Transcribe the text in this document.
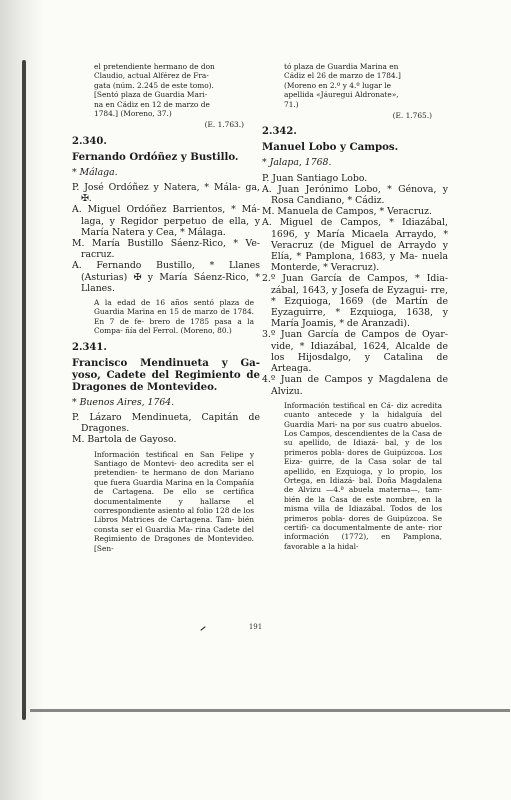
el pretendiente hermano de don

Claudio, actual Alférez de Fra-

gata (núm. 2.245 de este tomo).

[Sentó plaza de Guardia Mari-

na en Cádiz en 12 de marzo de

1784.] (Moreno, 37.)

(E. 1.763.)

2.340.

Fernando Ordóñez y Bustillo.

* Málaga.

P. José Ordóñez y Natera, * Mála- ga, ✠.

A. Miguel Ordóñez Barrientos, * Má- laga, y Regidor perpetuo de ella, y María Natera y Cea, * Málaga.

M. María Bustillo Sáenz-Rico, * Ve- racruz.

A. Fernando Bustillo, * Llanes (Asturias) ✠ y María Sáenz-Rico, * Llanes.

A la edad de 16 años sentó plaza de Guardia Marina en 15 de marzo de 1784. En 7 de fe- brero de 1785 pasa a la Compa- ñía del Ferrol. (Moreno, 80.)

2.341.

Francisco Mendinueta y Ga- yoso, Cadete del Regimiento de Dragones de Montevideo.

* Buenos Aires, 1764.

P. Lázaro Mendinueta, Capitán de Dragones.

M. Bartola de Gayoso.

Información testifical en San Felipe y Santiago de Montevi- deo acredita ser el pretendien- te hermano de don Mariano que fuera Guardia Marina en la Compañía de Cartagena. De ello se certifica documentalmente y hallarse el correspondiente asiento al folio 128 de los Libros Matrices de Cartagena. Tam- bién consta ser el Guardia Ma- rina Cadete del Regimiento de Dragones de Montevideo. [Sen-

tó plaza de Guardia Marina en

Cádiz el 26 de marzo de 1784.]

(Moreno en 2.º y 4.º lugar le

apellida «Jáuregui Aldronate»,

71.)

(E. 1.765.)

2.342.

Manuel Lobo y Campos.

* Jalapa, 1768.

P. Juan Santiago Lobo.

A. Juan Jerónimo Lobo, * Génova, y Rosa Candiano, * Cádiz.

M. Manuela de Campos, * Veracruz.

A. Miguel de Campos, * Idiazábal, 1696, y María Micaela Arraydo, * Veracruz (de Miguel de Arraydo y Elía, * Pamplona, 1683, y Ma- nuela Monterde, * Veracruz).

2.º Juan García de Campos, * Idia- zábal, 1643, y Josefa de Eyzagui- rre, * Ezquioga, 1669 (de Martín de Eyzaguirre, * Ezquioga, 1638, y María Joamis, * de Aranzadi).

3.º Juan García de Campos de Oyar- vide, * Idiazábal, 1624, Alcalde de los Hijosdalgo, y Catalina de Arteaga.

4.º Juan de Campos y Magdalena de Alvizu.

Información testifical en Cá- diz acredita cuanto antecede y la hidalguía del Guardia Mari- na por sus cuatro abuelos. Los Campos, descendientes de la Casa de su apellido, de Idiazá- bal, y de los primeros pobla- dores de Guipúzcoa. Los Eiza- guirre, de la Casa solar de tal apellido, en Ezquioga, y lo propio, los Ortega, en Idiazá- bal. Doña Magdalena de Alvizu —4.ª abuela materna—, tam- bién de la Casa de este nombre, en la misma villa de Idiazábal. Todos de los primeros pobla- dores de Guipúzcoa. Se certifi- ca documentalmente de ante- rior información (1772), en Pamplona, favorable a la hidal-

191
